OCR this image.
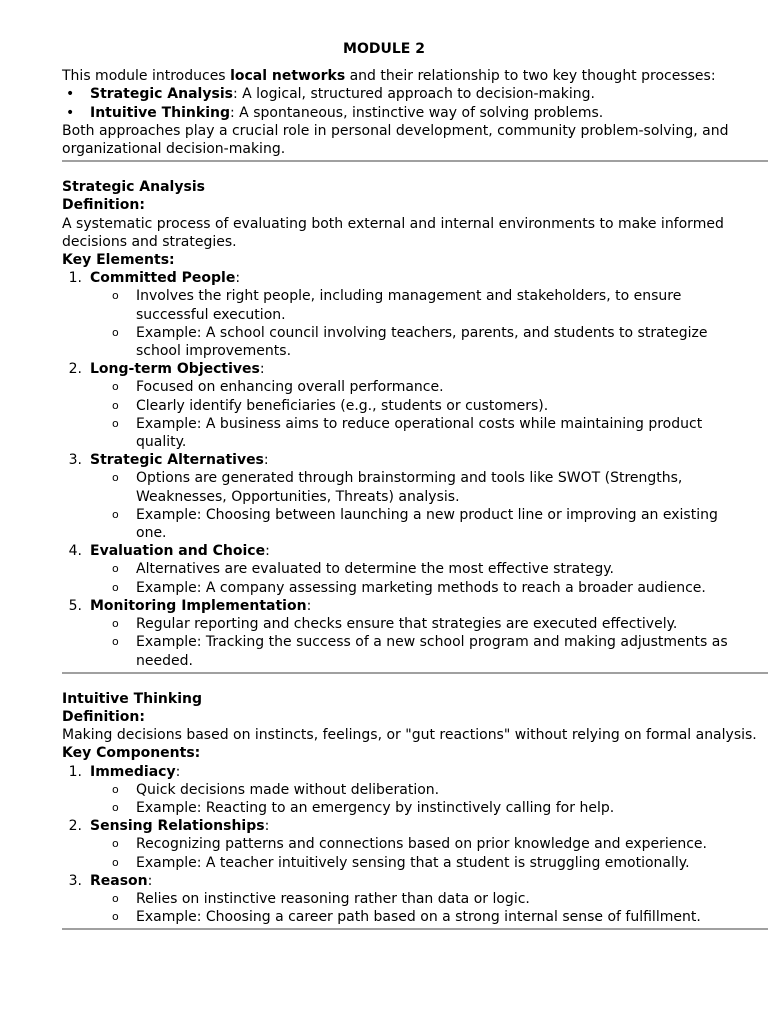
MODULE 2

This module introduces local networks and their relationship to two key thought processes:

• Strategic Analysis: A logical, structured approach to decision-making.
• Intuitive Thinking: A spontaneous, instinctive way of solving problems.

Both approaches play a crucial role in personal development, community problem-solving, and organizational decision-making.

Strategic Analysis
Definition:

A systematic process of evaluating both external and internal environments to make informed decisions and strategies.

Key Elements:
1. Committed People:
o Involves the right people, including management and stakeholders, to ensure successful execution.
o Example: A school council involving teachers, parents, and students to strategize school improvements.
2. Long-term Objectives:
o Focused on enhancing overall performance.
o Clearly identify beneficiaries (e.g., students or customers).
o Example: A business aims to reduce operational costs while maintaining product quality.
3. Strategic Alternatives:
o Options are generated through brainstorming and tools like SWOT (Strengths, Weaknesses, Opportunities, Threats) analysis.
o Example: Choosing between launching a new product line or improving an existing one.
4. Evaluation and Choice:
o Alternatives are evaluated to determine the most effective strategy.
o Example: A company assessing marketing methods to reach a broader audience.
5. Monitoring Implementation:
o Regular reporting and checks ensure that strategies are executed effectively.
o Example: Tracking the success of a new school program and making adjustments as needed.
Intuitive Thinking
Definition:

Making decisions based on instincts, feelings, or "gut reactions" without relying on formal analysis.

Key Components:
1. Immediacy:
o Quick decisions made without deliberation.
o Example: Reacting to an emergency by instinctively calling for help.
2. Sensing Relationships:
o Recognizing patterns and connections based on prior knowledge and experience.
o Example: A teacher intuitively sensing that a student is struggling emotionally.
3. Reason:
o Relies on instinctive reasoning rather than data or logic.
o Example: Choosing a career path based on a strong internal sense of fulfillment.
